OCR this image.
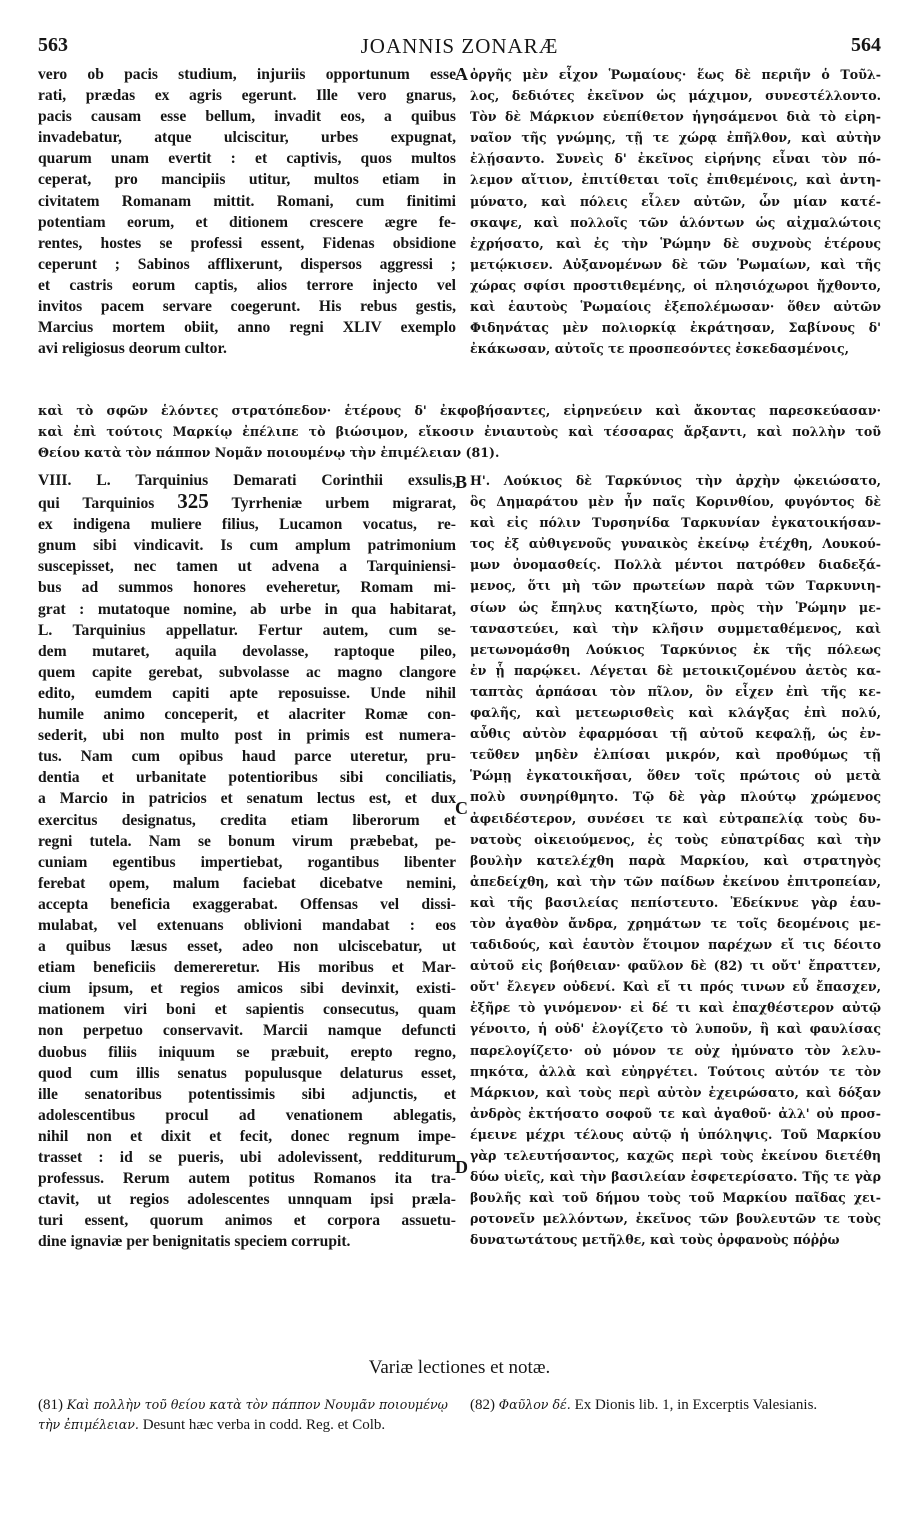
563	JOANNIS ZONARÆ	564
vero ob pacis studium, injuriis opportunum esse
rati, prædas ex agris egerunt. Ille vero gnarus,
pacis causam esse bellum, invadit eos, a quibus
invadebatur, atque ulciscitur, urbes expugnat,
quarum unam evertit : et captivis, quos multos
ceperat, pro mancipiis utitur, multos etiam in
civitatem Romanam mittit. Romani, cum finitimi
potentiam eorum, et ditionem crescere ægre fe-
rentes, hostes se professi essent, Fidenas obsidione
ceperunt ; Sabinos afflixerunt, dispersos aggressi ;
et castris eorum captis, alios terrore injecto vel
invitos pacem servare coegerunt. His rebus gestis,
Marcius mortem obiit, anno regni XLIV exemplo
avi religiosus deorum cultor.
ὀργῆς μὲν εἶχον Ῥωμαίους· ἕως δὲ περιῆν ὁ Τοῦλ-
λος, δεδιότες ἐκεῖνον ὡς μάχιμον, συνεστέλλοντο.
Τὸν δὲ Μάρκιον εὐεπίθετον ἡγησάμενοι διὰ τὸ εἰρη-
ναῖον τῆς γνώμης, τῇ τε χώρᾳ ἐπῆλθον, καὶ αὐτὴν
ἐλῄσαντο. Συνεὶς δ' ἐκεῖνος εἰρήνης εἶναι τὸν πό-
λεμον αἴτιον, ἐπιτίθεται τοῖς ἐπιθεμένοις, καὶ ἀντη-
μύνατο, καὶ πόλεις εἷλεν αὐτῶν, ὧν μίαν κατέ-
σκαψε, καὶ πολλοῖς τῶν ἁλόντων ὡς αἰχμαλώτοις
ἐχρήσατο, καὶ ἐς τὴν Ῥώμην δὲ συχνοὺς ἑτέρους
μετῴκισεν. Αὐξανομένων δὲ τῶν Ῥωμαίων, καὶ τῆς
χώρας σφίσι προστιθεμένης, οἱ πλησιόχωροι ἤχθοντο,
καὶ ἑαυτοὺς Ῥωμαίοις ἐξεπολέμωσαν· ὅθεν αὐτῶν
Φιδηνάτας μὲν πολιορκίᾳ ἐκράτησαν, Σαβίνους δ'
ἐκάκωσαν, αὐτοῖς τε προσπεσόντες ἐσκεδασμένοις,
A
B
C
D
καὶ τὸ σφῶν ἑλόντες στρατόπεδον· ἑτέρους δ' ἐκφοβήσαντες, εἰρηνεύειν καὶ ἄκοντας παρεσκεύασαν·
καὶ ἐπὶ τούτοις Μαρκίῳ ἐπέλιπε τὸ βιώσιμον, εἴκοσιν ἐνιαυτοὺς καὶ τέσσαρας ἄρξαντι, καὶ πολλὴν τοῦ
Θείου κατὰ τὸν πάππον Νομᾶν ποιουμένῳ τὴν ἐπιμέλειαν (81).
VIII. L. Tarquinius Demarati Corinthii exsulis,
qui Tarquinios 325 Tyrrheniæ urbem migrarat,
ex indigena muliere filius, Lucamon vocatus, re-
gnum sibi vindicavit. Is cum amplum patrimonium
suscepisset, nec tamen ut advena a Tarquiniensi-
bus ad summos honores eveheretur, Romam mi-
grat : mutatoque nomine, ab urbe in qua habitarat,
L. Tarquinius appellatur. Fertur autem, cum se-
dem mutaret, aquila devolasse, raptoque pileo,
quem capite gerebat, subvolasse ac magno clangore
edito, eumdem capiti apte reposuisse. Unde nihil
humile animo conceperit, et alacriter Romæ con-
sederit, ubi non multo post in primis est numera-
tus. Nam cum opibus haud parce uteretur, pru-
dentia et urbanitate potentioribus sibi conciliatis,
a Marcio in patricios et senatum lectus est, et dux
exercitus designatus, credita etiam liberorum et
regni tutela. Nam se bonum virum præbebat, pe-
cuniam egentibus impertiebat, rogantibus libenter
ferebat opem, malum faciebat dicebatve nemini,
accepta beneficia exaggerabat. Offensas vel dissi-
mulabat, vel extenuans oblivioni mandabat : eos
a quibus læsus esset, adeo non ulciscebatur, ut
etiam beneficiis demereretur. His moribus et Mar-
cium ipsum, et regios amicos sibi devinxit, existi-
mationem viri boni et sapientis consecutus, quam
non perpetuo conservavit. Marcii namque defuncti
duobus filiis iniquum se præbuit, erepto regno,
quod cum illis senatus populusque delaturus esset,
ille senatoribus potentissimis sibi adjunctis, et
adolescentibus procul ad venationem ablegatis,
nihil non et dixit et fecit, donec regnum impe-
trasset : id se pueris, ubi adolevissent, redditurum
professus. Rerum autem potitus Romanos ita tra-
ctavit, ut regios adolescentes unnquam ipsi præla-
turi essent, quorum animos et corpora assuetu-
dine ignaviæ per benignitatis speciem corrupit.
Η'. Λούκιος δὲ Ταρκύνιος τὴν ἀρχὴν ᾠκειώσατο,
ὃς Δημαράτου μὲν ἦν παῖς Κορινθίου, φυγόντος δὲ
καὶ εἰς πόλιν Τυρσηνίδα Ταρκυνίαν ἐγκατοικήσαν-
τος ἐξ αὐθιγενοῦς γυναικὸς ἐκείνῳ ἐτέχθη, Λουκού-
μων ὀνομασθείς. Πολλὰ μέντοι πατρόθεν διαδεξά-
μενος, ὅτι μὴ τῶν πρωτείων παρὰ τῶν Ταρκυνιη-
σίων ὡς ἔπηλυς κατηξίωτο, πρὸς τὴν Ῥώμην με-
ταναστεύει, καὶ τὴν κλῆσιν συμμεταθέμενος, καὶ
μετωνομάσθη Λούκιος Ταρκύνιος ἐκ τῆς πόλεως
ἐν ᾗ παρῴκει. Λέγεται δὲ μετοικιζομένου ἀετὸς κα-
ταπτὰς ἁρπάσαι τὸν πῖλον, ὃν εἶχεν ἐπὶ τῆς κε-
φαλῆς, καὶ μετεωρισθεὶς καὶ κλάγξας ἐπὶ πολύ,
αὖθις αὐτὸν ἐφαρμόσαι τῇ αὐτοῦ κεφαλῇ, ὡς ἐν-
τεῦθεν μηδὲν ἐλπίσαι μικρόν, καὶ προθύμως τῇ
Ῥώμῃ ἐγκατοικῆσαι, ὅθεν τοῖς πρώτοις οὐ μετὰ
πολὺ συνηρίθμητο. Τῷ δὲ γὰρ πλούτῳ χρώμενος
ἀφειδέστερον, συνέσει τε καὶ εὐτραπελίᾳ τοὺς δυ-
νατοὺς οἰκειούμενος, ἐς τοὺς εὐπατρίδας καὶ τὴν
βουλὴν κατελέχθη παρὰ Μαρκίου, καὶ στρατηγὸς
ἀπεδείχθη, καὶ τὴν τῶν παίδων ἐκείνου ἐπιτροπείαν,
καὶ τῆς βασιλείας πεπίστευτο. Ἐδείκνυε γὰρ ἑαυ-
τὸν ἀγαθὸν ἄνδρα, χρημάτων τε τοῖς δεομένοις με-
ταδιδούς, καὶ ἑαυτὸν ἕτοιμον παρέχων εἴ τις δέοιτο
αὐτοῦ εἰς βοήθειαν· φαῦλον δὲ (82) τι οὔτ' ἔπραττεν,
οὔτ' ἔλεγεν οὐδενί. Καὶ εἴ τι πρός τινων εὖ ἔπασχεν,
ἐξῆρε τὸ γινόμενον· εἰ δέ τι καὶ ἐπαχθέστερον αὐτῷ
γένοιτο, ἡ οὐδ' ἐλογίζετο τὸ λυποῦν, ἢ καὶ φαυλίσας
παρελογίζετο· οὐ μόνον τε οὐχ ἠμύνατο τὸν λελυ-
πηκότα, ἀλλὰ καὶ εὐηργέτει. Τούτοις αὐτόν τε τὸν
Μάρκιον, καὶ τοὺς περὶ αὐτὸν ἐχειρώσατο, καὶ δόξαν
ἀνδρὸς ἐκτήσατο σοφοῦ τε καὶ ἀγαθοῦ· ἀλλ' οὐ προσ-
έμεινε μέχρι τέλους αὐτῷ ἡ ὑπόληψις. Τοῦ Μαρκίου
γὰρ τελευτήσαντος, καχῶς περὶ τοὺς ἐκείνου διετέθη
δύω υἱεῖς, καὶ τὴν βασιλείαν ἐσφετερίσατο. Τῆς τε γὰρ
βουλῆς καὶ τοῦ δήμου τοὺς τοῦ Μαρκίου παῖδας χει-
ροτονεῖν μελλόντων, ἐκεῖνος τῶν βουλευτῶν τε τοὺς
δυνατωτάτους μετῆλθε, καὶ τοὺς ὀρφανοὺς πόῤῥω
Variæ lectiones et notæ.
(81) Καὶ πολλὴν τοῦ θείου κατὰ τὸν πάππον Νουμᾶν ποιουμένῳ τὴν ἐπιμέλειαν. Desunt hæc verba in codd. Reg. et Colb.
(82) Φαῦλον δέ. Ex Dionis lib. 1, in Excerptis Valesianis.
